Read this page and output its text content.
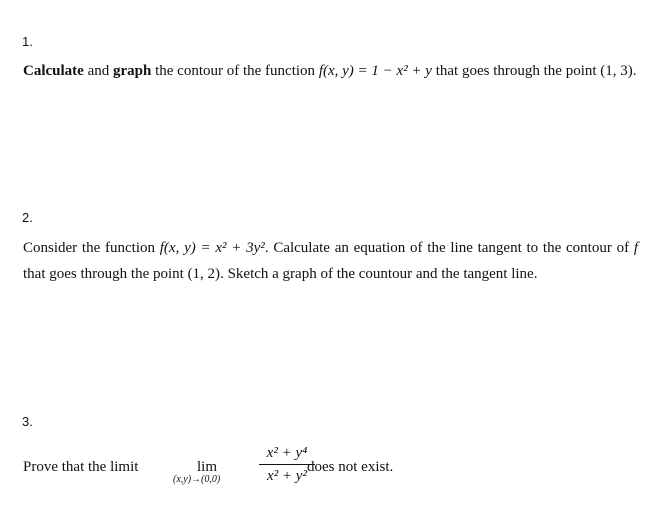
1.
Calculate and graph the contour of the function f(x, y) = 1 − x² + y that goes through the point (1, 3).
2.
Consider the function f(x, y) = x² + 3y². Calculate an equation of the line tangent to the contour of f that goes through the point (1, 2). Sketch a graph of the countour and the tangent line.
3.
Prove that the limit	lim
(x,y)→(0,0)
x² + y⁴
x² + y²
does not exist.
